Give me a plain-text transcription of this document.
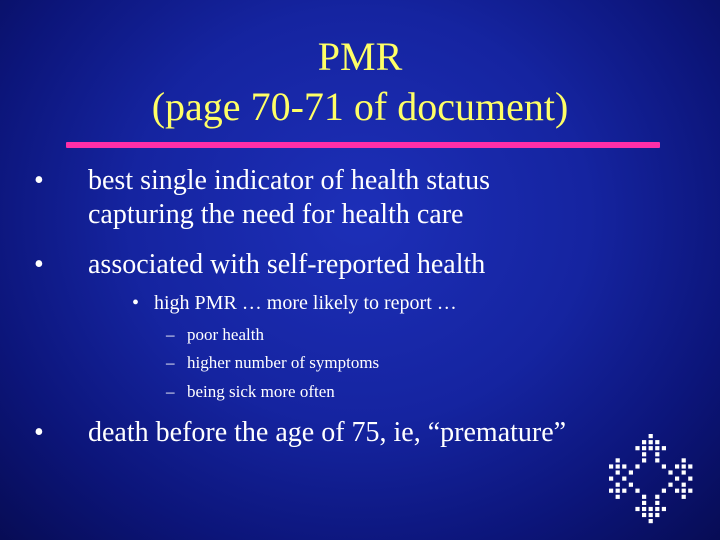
PMR
(page 70-71 of document)
•	best single indicator of health status
capturing the need for health care
•	associated with self-reported health
• high PMR … more likely to report …
– poor health
– higher number of symptoms
– being sick more often
•	death before the age of 75, ie, “premature”
